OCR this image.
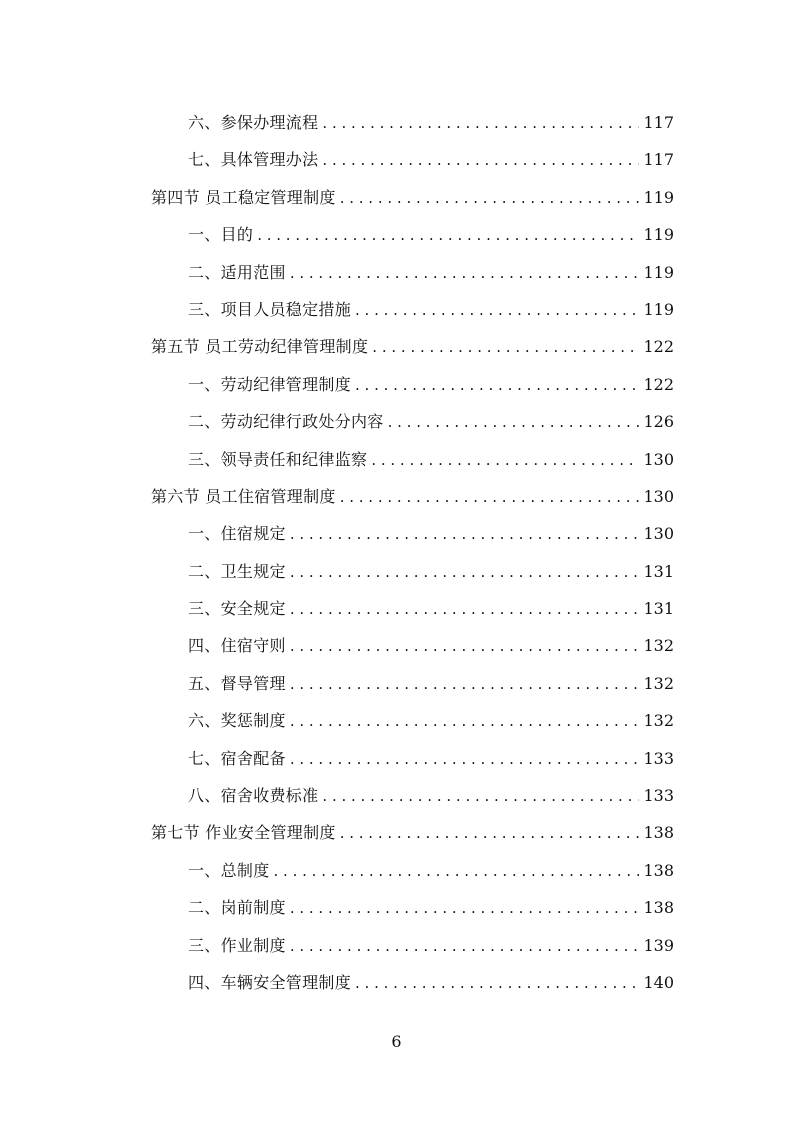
六、参保办理流程 . . .	117
七、具体管理办法 . . .	117
第四节 员工稳定管理制度 . . .	119
一、目的 . . .	119
二、适用范围 . . .	119
三、项目人员稳定措施 . . .	119
第五节 员工劳动纪律管理制度 . . .	122
一、劳动纪律管理制度 . . .	122
二、劳动纪律行政处分内容 . . .	126
三、领导责任和纪律监察 . . .	130
第六节 员工住宿管理制度 . . .	130
一、住宿规定 . . .	130
二、卫生规定 . . .	131
三、安全规定 . . .	131
四、住宿守则 . . .	132
五、督导管理 . . .	132
六、奖惩制度 . . .	132
七、宿舍配备 . . .	133
八、宿舍收费标准 . . .	133
第七节 作业安全管理制度 . . .	138
一、总制度 . . .	138
二、岗前制度 . . .	138
三、作业制度 . . .	139
四、车辆安全管理制度 . . .	140
6
